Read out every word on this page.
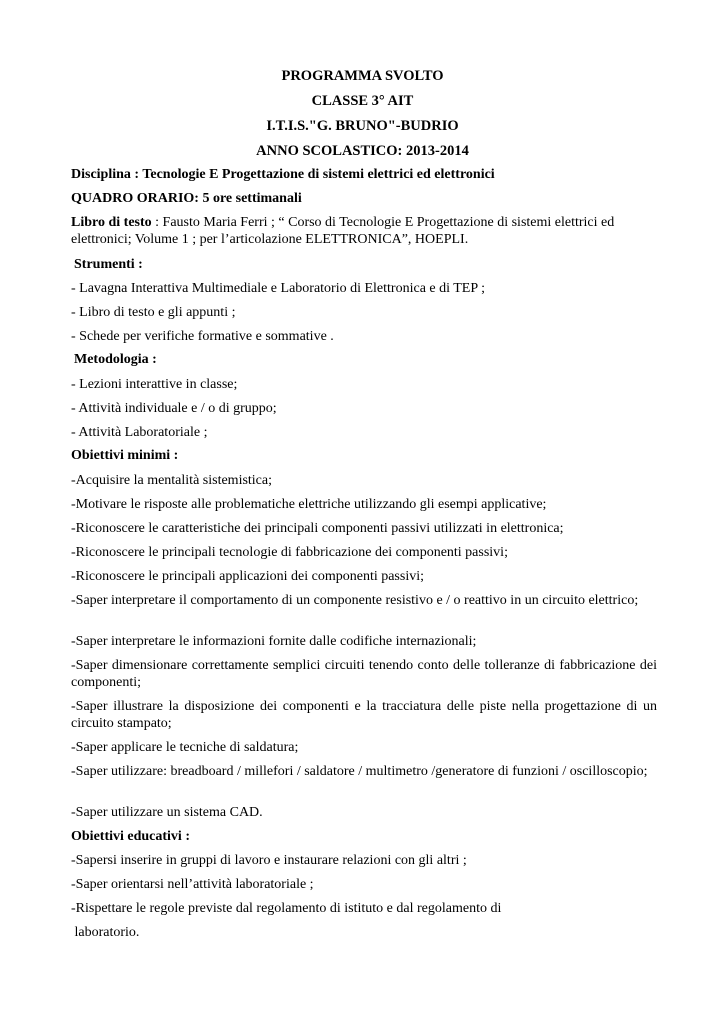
PROGRAMMA SVOLTO
CLASSE 3° AIT
I.T.I.S."G. BRUNO"-BUDRIO
ANNO SCOLASTICO: 2013-2014
Disciplina : Tecnologie E Progettazione di sistemi elettrici ed elettronici
QUADRO ORARIO: 5 ore settimanali
Libro di testo : Fausto Maria Ferri ; “ Corso di Tecnologie E Progettazione di sistemi elettrici ed elettronici; Volume 1 ; per l’articolazione ELETTRONICA”, HOEPLI.
Strumenti :
- Lavagna Interattiva Multimediale e Laboratorio di Elettronica e di TEP ;
- Libro di testo e gli appunti ;
- Schede per verifiche formative e sommative .
Metodologia :
- Lezioni interattive in classe;
- Attività individuale e / o di gruppo;
- Attività Laboratoriale ;
Obiettivi minimi :
-Acquisire la mentalità sistemistica;
-Motivare le risposte alle problematiche elettriche utilizzando gli esempi applicative;
-Riconoscere le caratteristiche dei principali componenti passivi utilizzati in elettronica;
-Riconoscere le principali tecnologie di fabbricazione dei componenti passivi;
-Riconoscere le principali applicazioni dei componenti passivi;
-Saper interpretare il comportamento di un componente resistivo e / o reattivo in un circuito elettrico;
-Saper interpretare le informazioni fornite dalle codifiche internazionali;
-Saper dimensionare correttamente semplici circuiti tenendo conto delle tolleranze di fabbricazione dei componenti;
-Saper illustrare la disposizione dei componenti e la tracciatura delle piste nella progettazione di un circuito stampato;
-Saper applicare le tecniche di saldatura;
-Saper utilizzare: breadboard / millefori / saldatore / multimetro /generatore di funzioni / oscilloscopio;
-Saper utilizzare un sistema CAD.
Obiettivi educativi :
-Sapersi inserire in gruppi di lavoro e instaurare relazioni con gli altri ;
-Saper orientarsi nell’attività laboratoriale ;
-Rispettare le regole previste dal regolamento di istituto e dal regolamento di
laboratorio.
